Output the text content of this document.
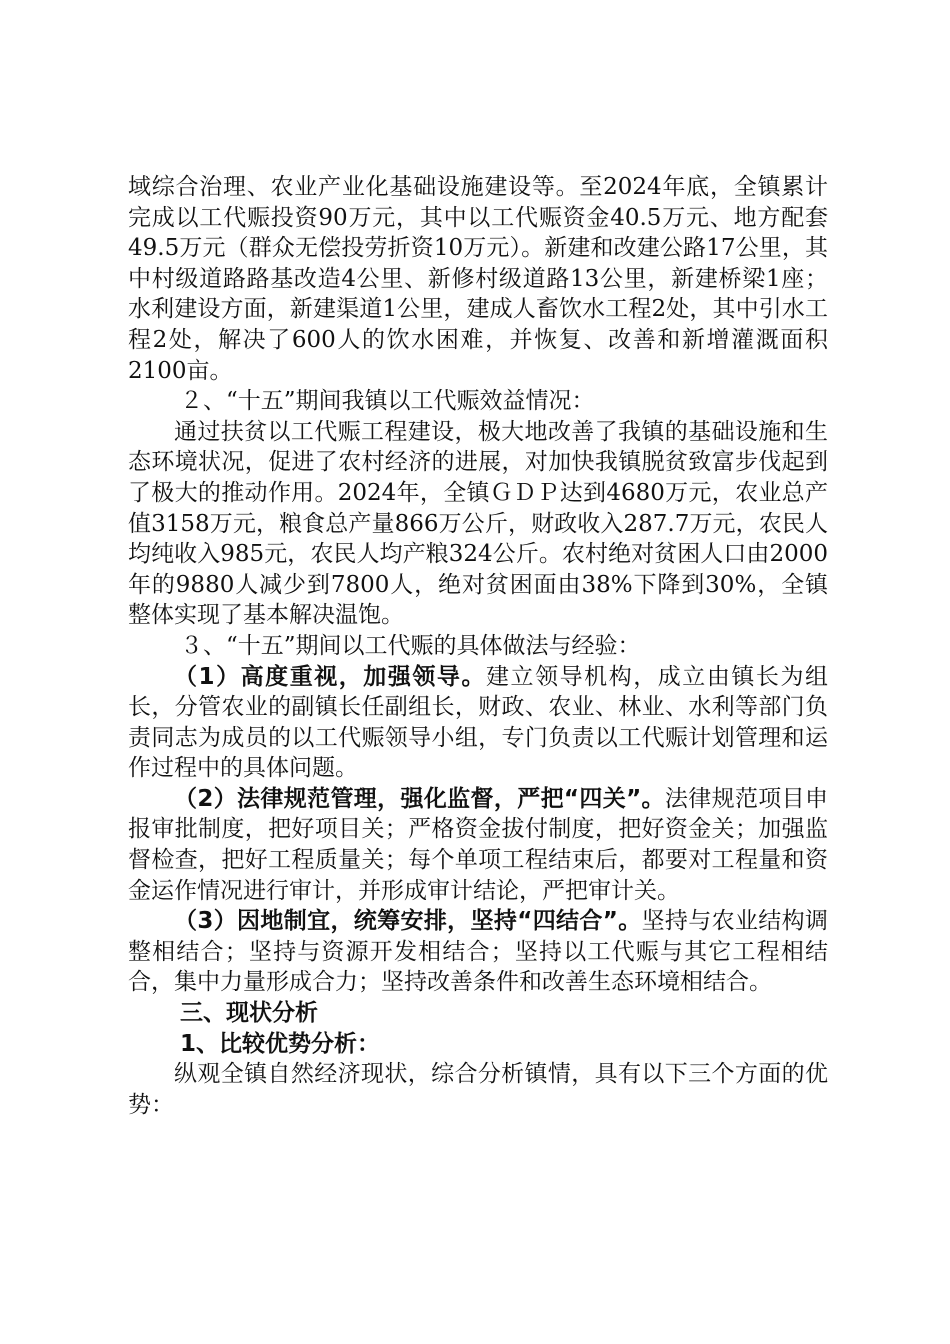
域综合治理、农业产业化基础设施建设等。至2024年底，全镇累计完成以工代赈投资90万元，其中以工代赈资金40.5万元、地方配套49.5万元（群众无偿投劳折资10万元）。新建和改建公路17公里，其中村级道路路基改造4公里、新修村级道路13公里，新建桥梁1座；水利建设方面，新建渠道1公里，建成人畜饮水工程2处，其中引水工程2处，解决了600人的饮水困难，并恢复、改善和新增灌溉面积2100亩。

２、“十五”期间我镇以工代赈效益情况：

通过扶贫以工代赈工程建设，极大地改善了我镇的基础设施和生态环境状况，促进了农村经济的进展，对加快我镇脱贫致富步伐起到了极大的推动作用。2024年，全镇ＧＤＰ达到4680万元，农业总产值3158万元，粮食总产量866万公斤，财政收入287.7万元，农民人均纯收入985元，农民人均产粮324公斤。农村绝对贫困人口由2000年的9880人减少到7800人，绝对贫困面由38%下降到30%，全镇整体实现了基本解决温饱。

３、“十五”期间以工代赈的具体做法与经验：

（1）高度重视，加强领导。建立领导机构，成立由镇长为组长，分管农业的副镇长任副组长，财政、农业、林业、水利等部门负责同志为成员的以工代赈领导小组，专门负责以工代赈计划管理和运作过程中的具体问题。

（2）法律规范管理，强化监督，严把“四关”。法律规范项目申报审批制度，把好项目关；严格资金拔付制度，把好资金关；加强监督检查，把好工程质量关；每个单项工程结束后，都要对工程量和资金运作情况进行审计，并形成审计结论，严把审计关。

（3）因地制宜，统筹安排，坚持“四结合”。坚持与农业结构调整相结合；坚持与资源开发相结合；坚持以工代赈与其它工程相结合，集中力量形成合力；坚持改善条件和改善生态环境相结合。

三、现状分析

1、比较优势分析：

纵观全镇自然经济现状，综合分析镇情，具有以下三个方面的优势：
